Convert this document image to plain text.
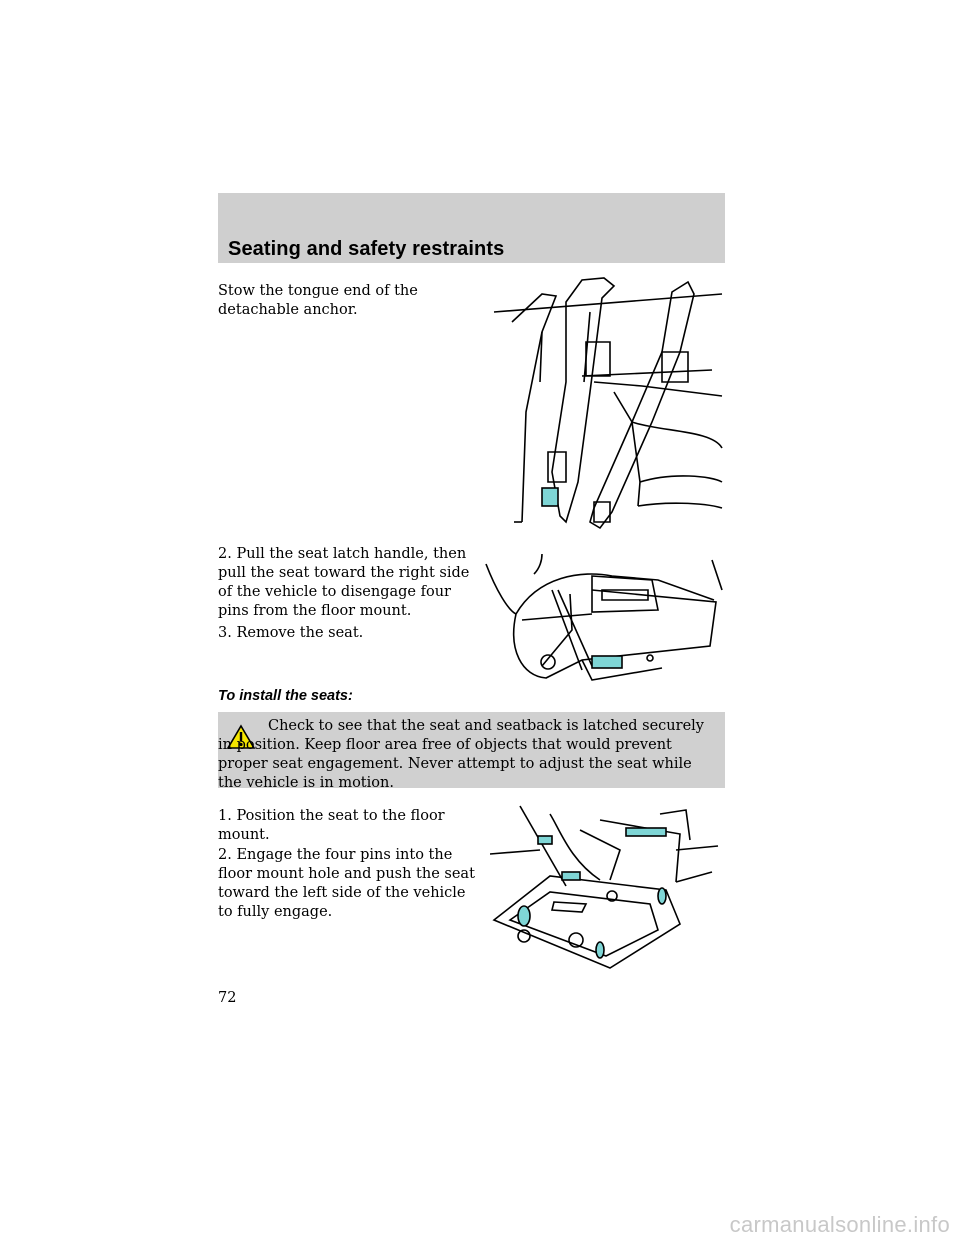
Seating and safety restraints

Stow the tongue end of the detachable anchor.

2. Pull the seat latch handle, then pull the seat toward the right side of the vehicle to disengage four pins from the floor mount.

3. Remove the seat.

To install the seats:

Check to see that the seat and seatback is latched securely in position. Keep floor area free of objects that would prevent proper seat engagement. Never attempt to adjust the seat while the vehicle is in motion.

1. Position the seat to the floor mount.

2. Engage the four pins into the floor mount hole and push the seat toward the left side of the vehicle to fully engage.

72

carmanualsonline.info
